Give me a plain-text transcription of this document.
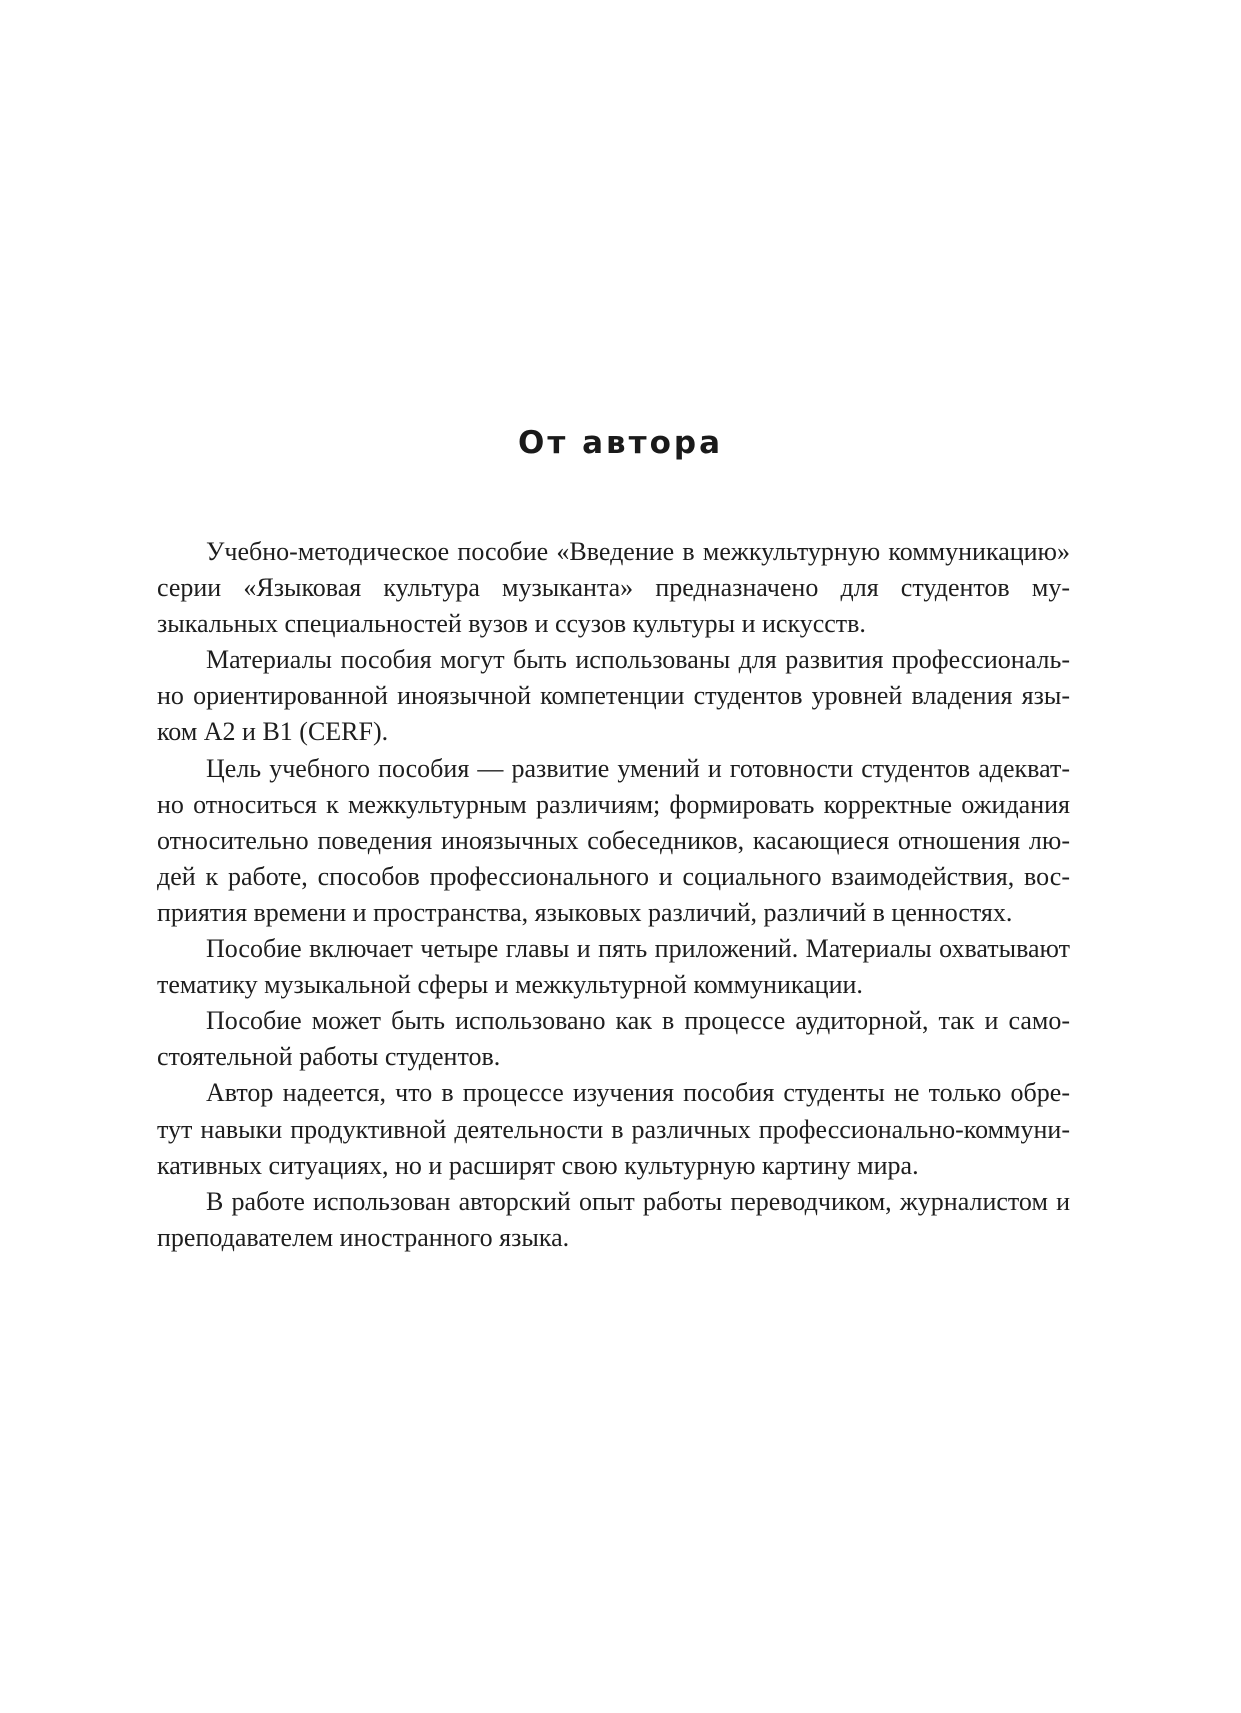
От автора

Учебно-методическое пособие «Введение в межкультурную коммуникацию» серии «Языковая культура музыканта» предназначено для студентов музыкальных специальностей вузов и ссузов культуры и искусств.

Материалы пособия могут быть использованы для развития профессионально ориентированной иноязычной компетенции студентов уровней владения языком А2 и В1 (CERF).

Цель учебного пособия — развитие умений и готовности студентов адекватно относиться к межкультурным различиям; формировать корректные ожидания относительно поведения иноязычных собеседников, касающиеся отношения людей к работе, способов профессионального и социального взаимодействия, восприятия времени и пространства, языковых различий, различий в ценностях.

Пособие включает четыре главы и пять приложений. Материалы охватывают тематику музыкальной сферы и межкультурной коммуникации.

Пособие может быть использовано как в процессе аудиторной, так и самостоятельной работы студентов.

Автор надеется, что в процессе изучения пособия студенты не только обретут навыки продуктивной деятельности в различных профессионально-коммуникативных ситуациях, но и расширят свою культурную картину мира.

В работе использован авторский опыт работы переводчиком, журналистом и преподавателем иностранного языка.
